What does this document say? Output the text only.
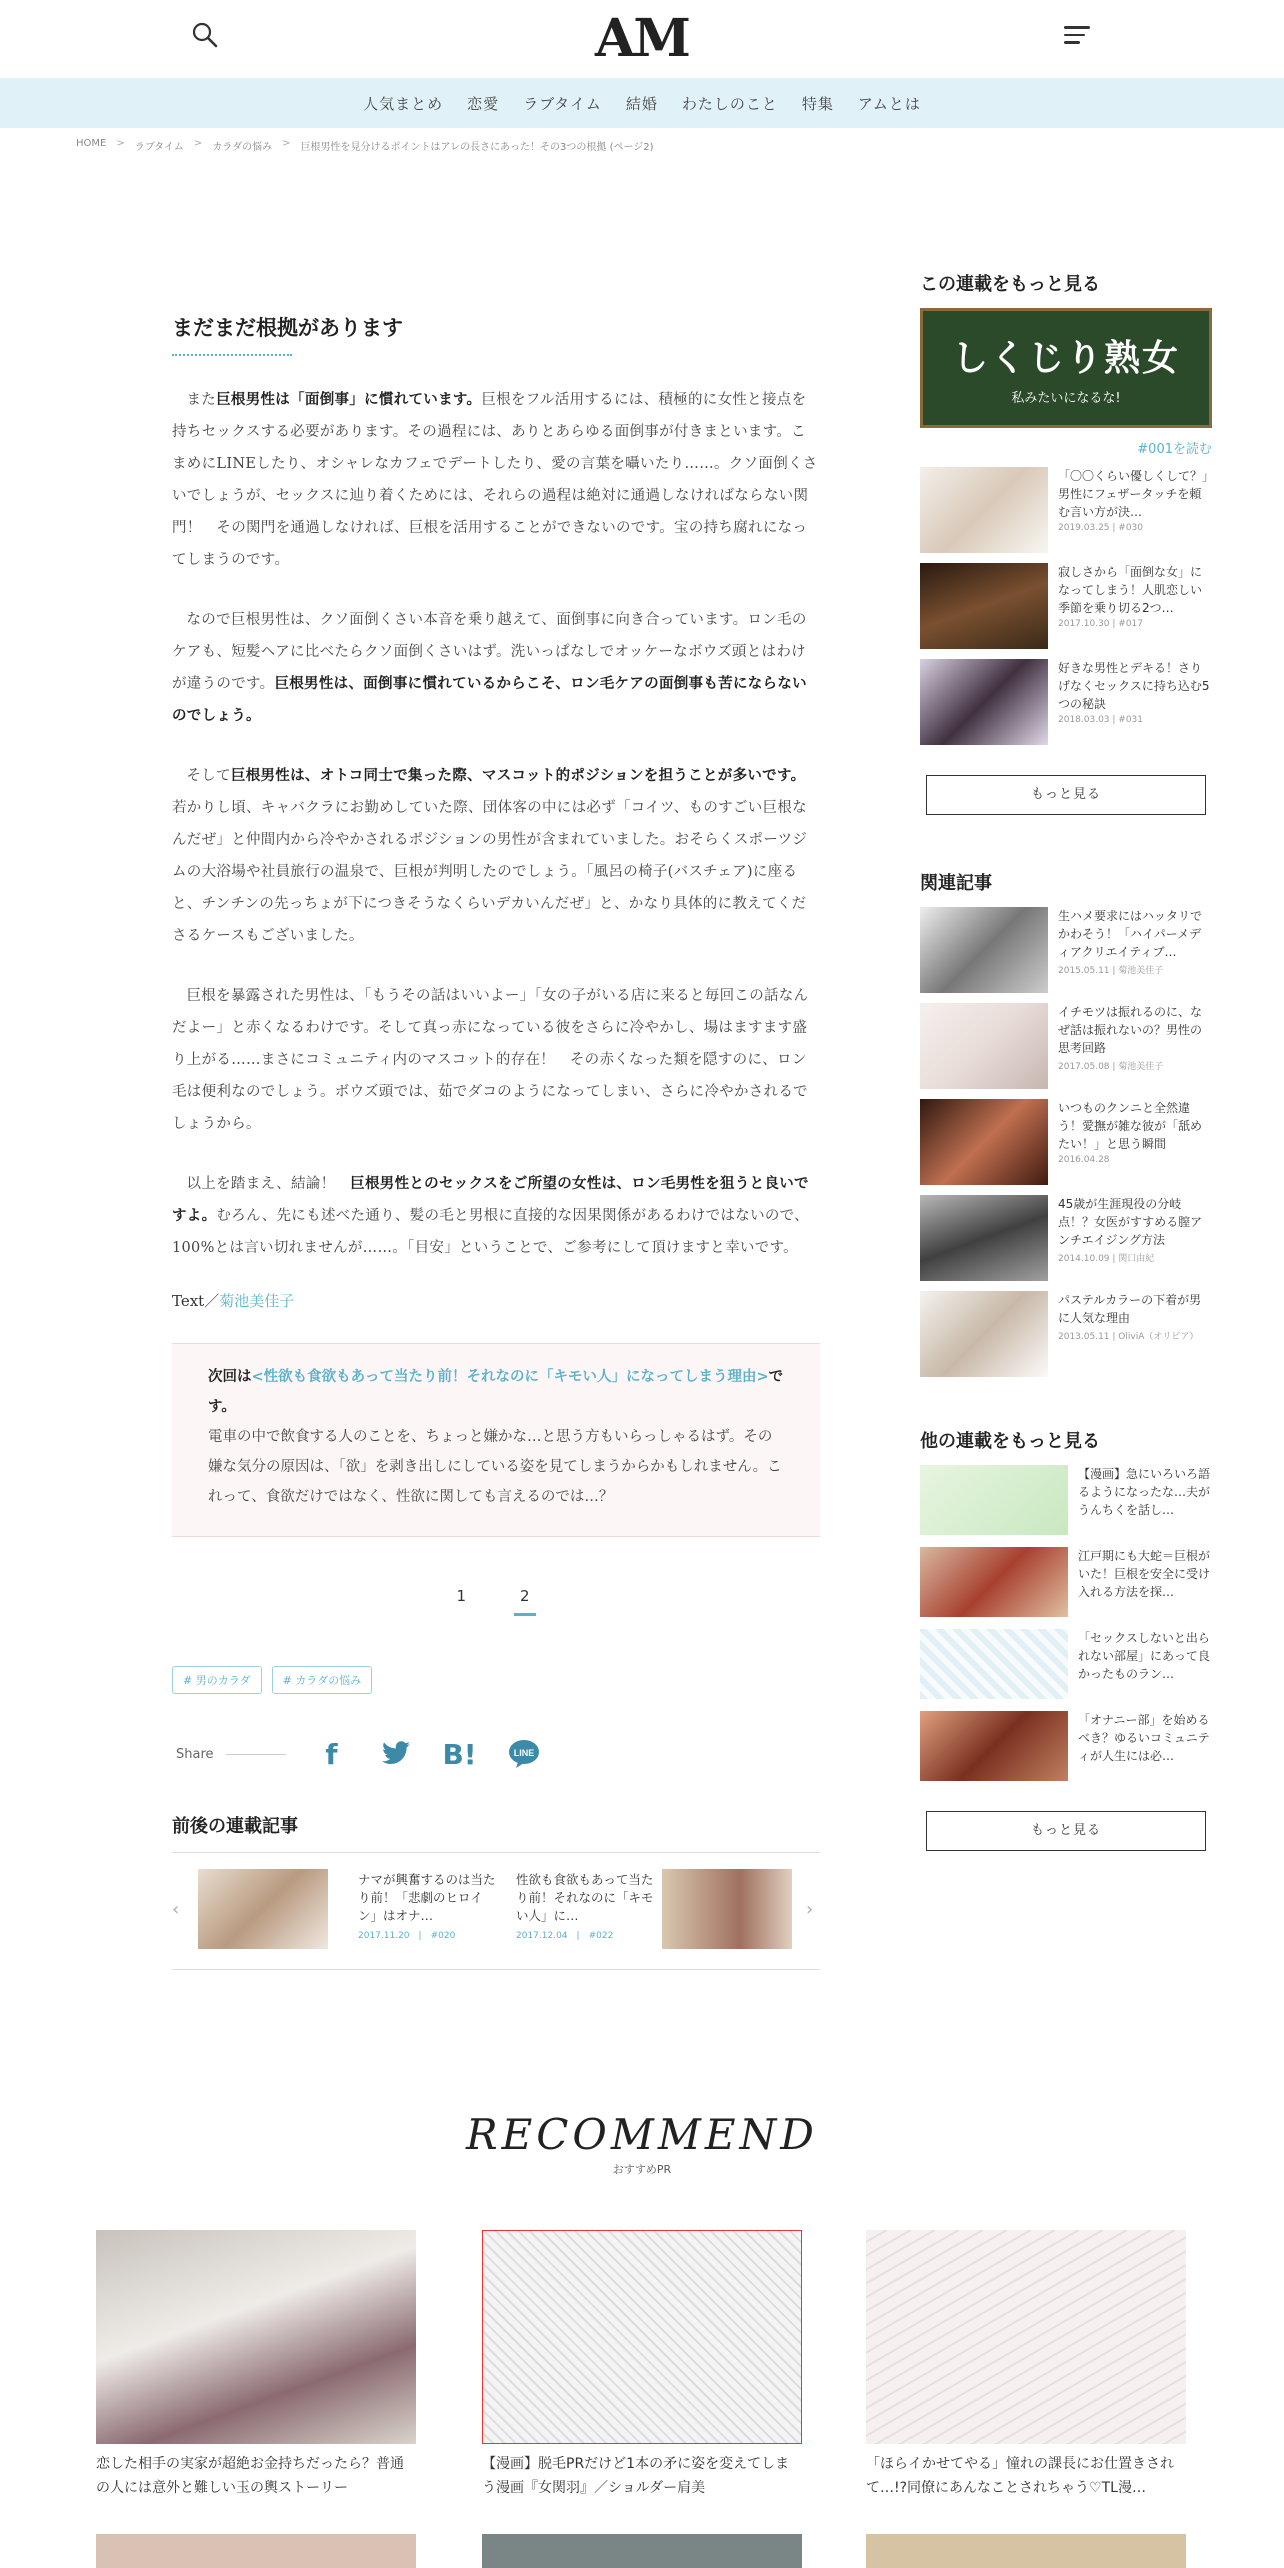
AM
人気まとめ 恋愛 ラブタイム 結婚 わたしのこと 特集 アムとは
HOME > ラブタイム > カラダの悩み > 巨根男性を見分けるポイントはアレの長さにあった！その3つの根拠 (ページ2)
まだまだ根拠があります

また巨根男性は「面倒事」に慣れています。巨根をフル活用するには、積極的に女性と接点を持ちセックスする必要があります。その過程には、ありとあらゆる面倒事が付きまといます。こまめにLINEしたり、オシャレなカフェでデートしたり、愛の言葉を囁いたり……。クソ面倒くさいでしょうが、セックスに辿り着くためには、それらの過程は絶対に通過しなければならない関門！　その関門を通過しなければ、巨根を活用することができないのです。宝の持ち腐れになってしまうのです。

なので巨根男性は、クソ面倒くさい本音を乗り越えて、面倒事に向き合っています。ロン毛のケアも、短髪ヘアに比べたらクソ面倒くさいはず。洗いっぱなしでオッケーなボウズ頭とはわけが違うのです。巨根男性は、面倒事に慣れているからこそ、ロン毛ケアの面倒事も苦にならないのでしょう。

そして巨根男性は、オトコ同士で集った際、マスコット的ポジションを担うことが多いです。若かりし頃、キャバクラにお勤めしていた際、団体客の中には必ず「コイツ、ものすごい巨根なんだぜ」と仲間内から冷やかされるポジションの男性が含まれていました。おそらくスポーツジムの大浴場や社員旅行の温泉で、巨根が判明したのでしょう。「風呂の椅子(バスチェア)に座ると、チンチンの先っちょが下につきそうなくらいデカいんだぜ」と、かなり具体的に教えてくださるケースもございました。

巨根を暴露された男性は、「もうその話はいいよー」「女の子がいる店に来ると毎回この話なんだよー」と赤くなるわけです。そして真っ赤になっている彼をさらに冷やかし、場はますます盛り上がる……まさにコミュニティ内のマスコット的存在！　その赤くなった類を隠すのに、ロン毛は便利なのでしょう。ボウズ頭では、茹でダコのようになってしまい、さらに冷やかされるでしょうから。

以上を踏まえ、結論！　巨根男性とのセックスをご所望の女性は、ロン毛男性を狙うと良いですよ。むろん、先にも述べた通り、髪の毛と男根に直接的な因果関係があるわけではないので、100%とは言い切れませんが……。「目安」ということで、ご参考にして頂けますと幸いです。

Text／菊池美佳子
次回は<性欲も食欲もあって当たり前！それなのに「キモい人」になってしまう理由>です。
電車の中で飲食する人のことを、ちょっと嫌かな…と思う方もいらっしゃるはず。その嫌な気分の原因は、「欲」を剥き出しにしている姿を見てしまうからかもしれません。これって、食欲だけではなく、性欲に関しても言えるのでは…？
1	2
# 男のカラダ	# カラダの悩み
Share	f	B!	LINE
前後の連載記事
‹
ナマが興奮するのは当たり前！「悲劇のヒロイン」はオナ…
2017.11.20　|　#020
性欲も食欲もあって当たり前！それなのに「キモい人」に…
2017.12.04　|　#022
›
この連載をもっと見る
しくじり熟女
私みたいになるな!
#001を読む
「〇〇くらい優しくして？」男性にフェザータッチを頼む言い方が決…
2019.03.25 | #030
寂しさから「面倒な女」になってしまう！人肌恋しい季節を乗り切る2つ…
2017.10.30 | #017
好きな男性とデキる！さりげなくセックスに持ち込む5つの秘訣
2018.03.03 | #031
もっと見る
関連記事
生ハメ要求にはハッタリでかわそう！「ハイパーメディアクリエイティブ…
2015.05.11 | 菊池美佳子
イチモツは振れるのに、なぜ話は振れないの？男性の思考回路
2017.05.08 | 菊池美佳子
いつものクンニと全然違う！愛撫が雑な彼が「舐めたい！」と思う瞬間
2016.04.28
45歳が生涯現役の分岐点！？女医がすすめる膣アンチエイジング方法
2014.10.09 | 関口由紀
パステルカラーの下着が男に人気な理由
2013.05.11 | OliviA（オリビア）
他の連載をもっと見る
【漫画】急にいろいろ語るようになったな…夫がうんちくを話し…
江戸期にも大蛇＝巨根がいた！巨根を安全に受け入れる方法を探…
「セックスしないと出られない部屋」にあって良かったものラン…
「オナニー部」を始めるべき？ゆるいコミュニティが人生には必…
もっと見る
RECOMMEND
おすすめPR
恋した相手の実家が超絶お金持ちだったら？普通の人には意外と難しい玉の輿ストーリー
【漫画】脱毛PRだけど1本の矛に姿を変えてしまう漫画『女関羽』／ショルダー肩美
「ほらイかせてやる」憧れの課長にお仕置きされて…!?同僚にあんなことされちゃう♡TL漫…
